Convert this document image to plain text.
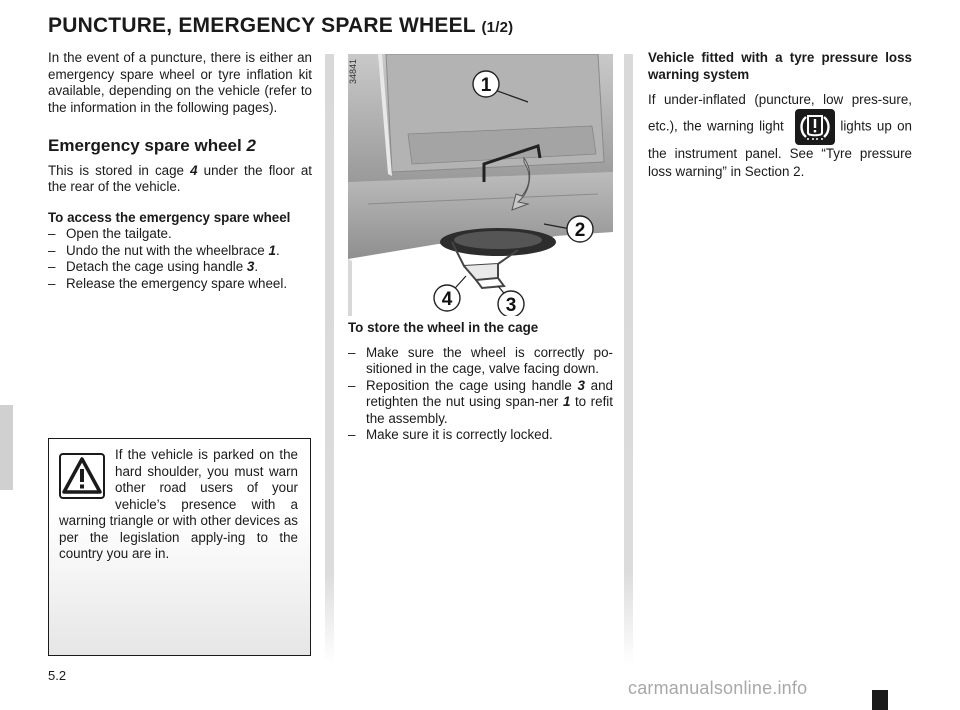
PUNCTURE, EMERGENCY SPARE WHEEL (1/2)

In the event of a puncture, there is either an emergency spare wheel or tyre inflation kit available, depending on the vehicle (refer to the information in the following pages).

Emergency spare wheel 2

This is stored in cage 4 under the floor at the rear of the vehicle.

To access the emergency spare wheel
– Open the tailgate.
– Undo the nut with the wheelbrace 1.
– Detach the cage using handle 3.
– Release the emergency spare wheel.

If the vehicle is parked on the hard shoulder, you must warn other road users of your vehicle’s presence with a warning triangle or with other devices as per the legislation apply-ing to the country you are in.

34841
1
2
4	3
To store the wheel in the cage
– Make sure the wheel is correctly po-sitioned in the cage, valve facing down.
– Reposition the cage using handle 3 and retighten the nut using span-ner 1 to refit the assembly.
– Make sure it is correctly locked.

Vehicle fitted with a tyre pressure loss warning system

If under-inflated (puncture, low pres-sure, etc.), the warning light	lights up on the instrument panel. See “Tyre pressure loss warning” in Section 2.

5.2
carmanualsonline.info
